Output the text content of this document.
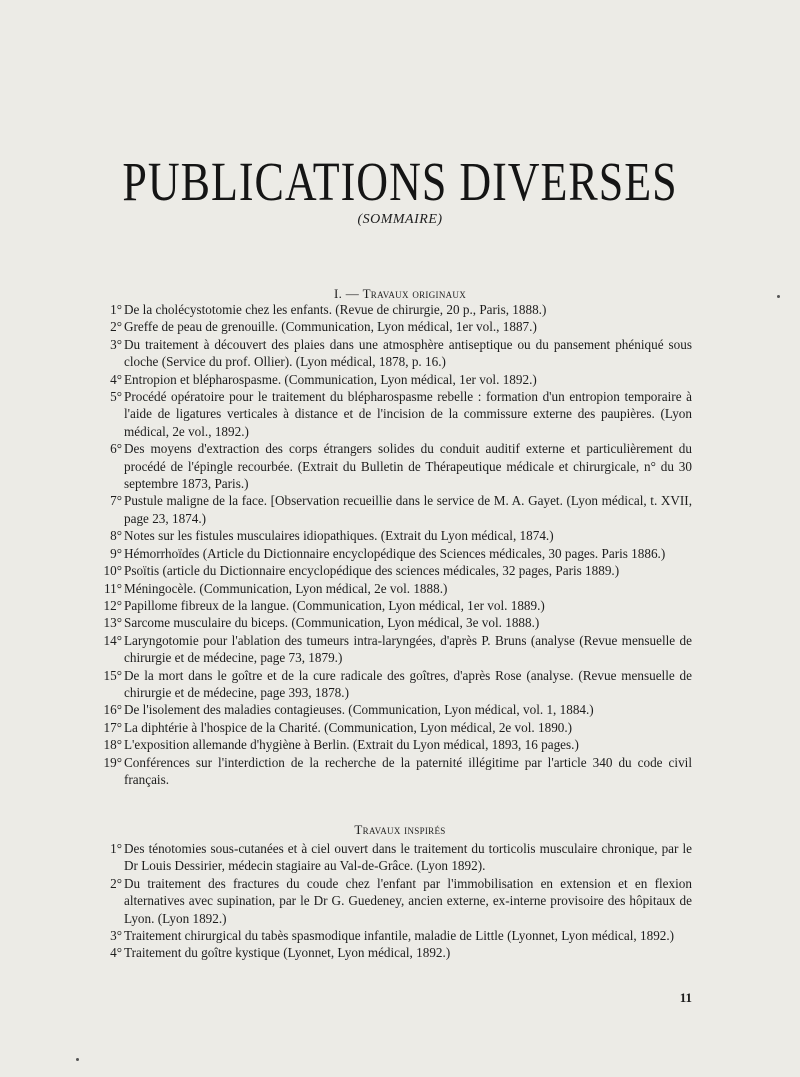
PUBLICATIONS DIVERSES
(SOMMAIRE)
I. — Travaux originaux
1° De la cholécystotomie chez les enfants. (Revue de chirurgie, 20 p., Paris, 1888.)
2° Greffe de peau de grenouille. (Communication, Lyon médical, 1er vol., 1887.)
3° Du traitement à découvert des plaies dans une atmosphère antiseptique ou du pansement phéniqué sous cloche (Service du prof. Ollier). (Lyon médical, 1878, p. 16.)
4° Entropion et blépharospasme. (Communication, Lyon médical, 1er vol. 1892.)
5° Procédé opératoire pour le traitement du blépharospasme rebelle : formation d'un entropion temporaire à l'aide de ligatures verticales à distance et de l'incision de la commissure externe des paupières. (Lyon médical, 2e vol., 1892.)
6° Des moyens d'extraction des corps étrangers solides du conduit auditif externe et particulièrement du procédé de l'épingle recourbée. (Extrait du Bulletin de Thérapeutique médicale et chirurgicale, n° du 30 septembre 1873, Paris.)
7° Pustule maligne de la face. [Observation recueillie dans le service de M. A. Gayet. (Lyon médical, t. XVII, page 23, 1874.)
8° Notes sur les fistules musculaires idiopathiques. (Extrait du Lyon médical, 1874.)
9° Hémorrhoïdes (Article du Dictionnaire encyclopédique des Sciences médicales, 30 pages. Paris 1886.)
10° Psoïtis (article du Dictionnaire encyclopédique des sciences médicales, 32 pages, Paris 1889.)
11° Méningocèle. (Communication, Lyon médical, 2e vol. 1888.)
12° Papillome fibreux de la langue. (Communication, Lyon médical, 1er vol. 1889.)
13° Sarcome musculaire du biceps. (Communication, Lyon médical, 3e vol. 1888.)
14° Laryngotomie pour l'ablation des tumeurs intra-laryngées, d'après P. Bruns (analyse (Revue mensuelle de chirurgie et de médecine, page 73, 1879.)
15° De la mort dans le goître et de la cure radicale des goîtres, d'après Rose (analyse. (Revue mensuelle de chirurgie et de médecine, page 393, 1878.)
16° De l'isolement des maladies contagieuses. (Communication, Lyon médical, vol. 1, 1884.)
17° La diphtérie à l'hospice de la Charité. (Communication, Lyon médical, 2e vol. 1890.)
18° L'exposition allemande d'hygiène à Berlin. (Extrait du Lyon médical, 1893, 16 pages.)
19° Conférences sur l'interdiction de la recherche de la paternité illégitime par l'article 340 du code civil français.
Travaux inspirés
1° Des ténotomies sous-cutanées et à ciel ouvert dans le traitement du torticolis musculaire chronique, par le Dr Louis Dessirier, médecin stagiaire au Val-de-Grâce. (Lyon 1892).
2° Du traitement des fractures du coude chez l'enfant par l'immobilisation en extension et en flexion alternatives avec supination, par le Dr G. Guedeney, ancien externe, ex-interne provisoire des hôpitaux de Lyon. (Lyon 1892.)
3° Traitement chirurgical du tabès spasmodique infantile, maladie de Little (Lyonnet, Lyon médical, 1892.)
4° Traitement du goître kystique (Lyonnet, Lyon médical, 1892.)
11
